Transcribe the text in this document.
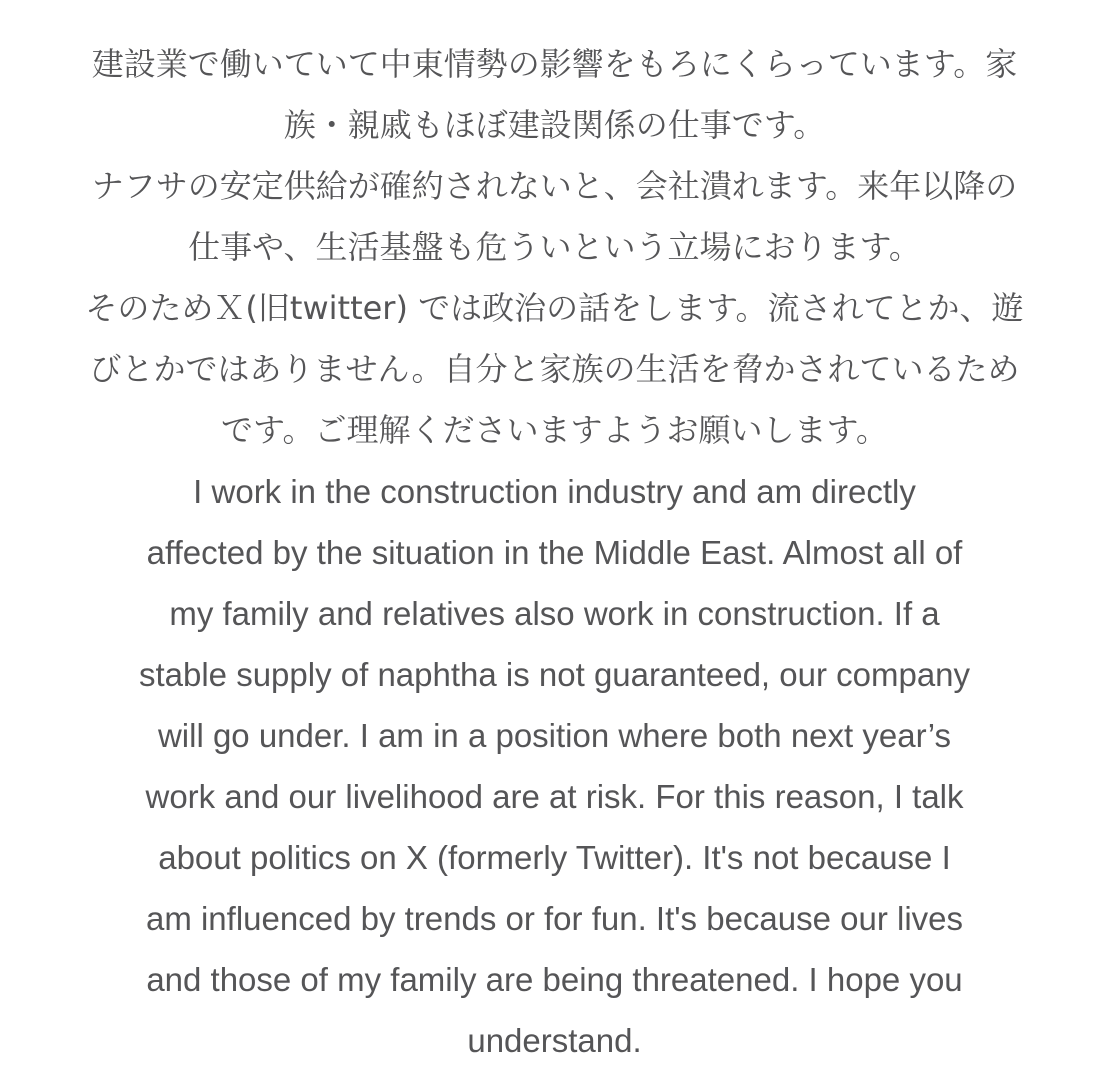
建設業で働いていて中東情勢の影響をもろにくらっています。家
族・親戚もほぼ建設関係の仕事です。
ナフサの安定供給が確約されないと、会社潰れます。来年以降の
仕事や、生活基盤も危ういという立場におります。
そのためＸ(旧twitter) では政治の話をします。流されてとか、遊
びとかではありません。自分と家族の生活を脅かされているため
です。ご理解くださいますようお願いします。
I work in the construction industry and am directly
affected by the situation in the Middle East. Almost all of
my family and relatives also work in construction. If a
stable supply of naphtha is not guaranteed, our company
will go under. I am in a position where both next year’s
work and our livelihood are at risk. For this reason, I talk
about politics on X (formerly Twitter). It's not because I
am influenced by trends or for fun. It's because our lives
and those of my family are being threatened. I hope you
understand.
